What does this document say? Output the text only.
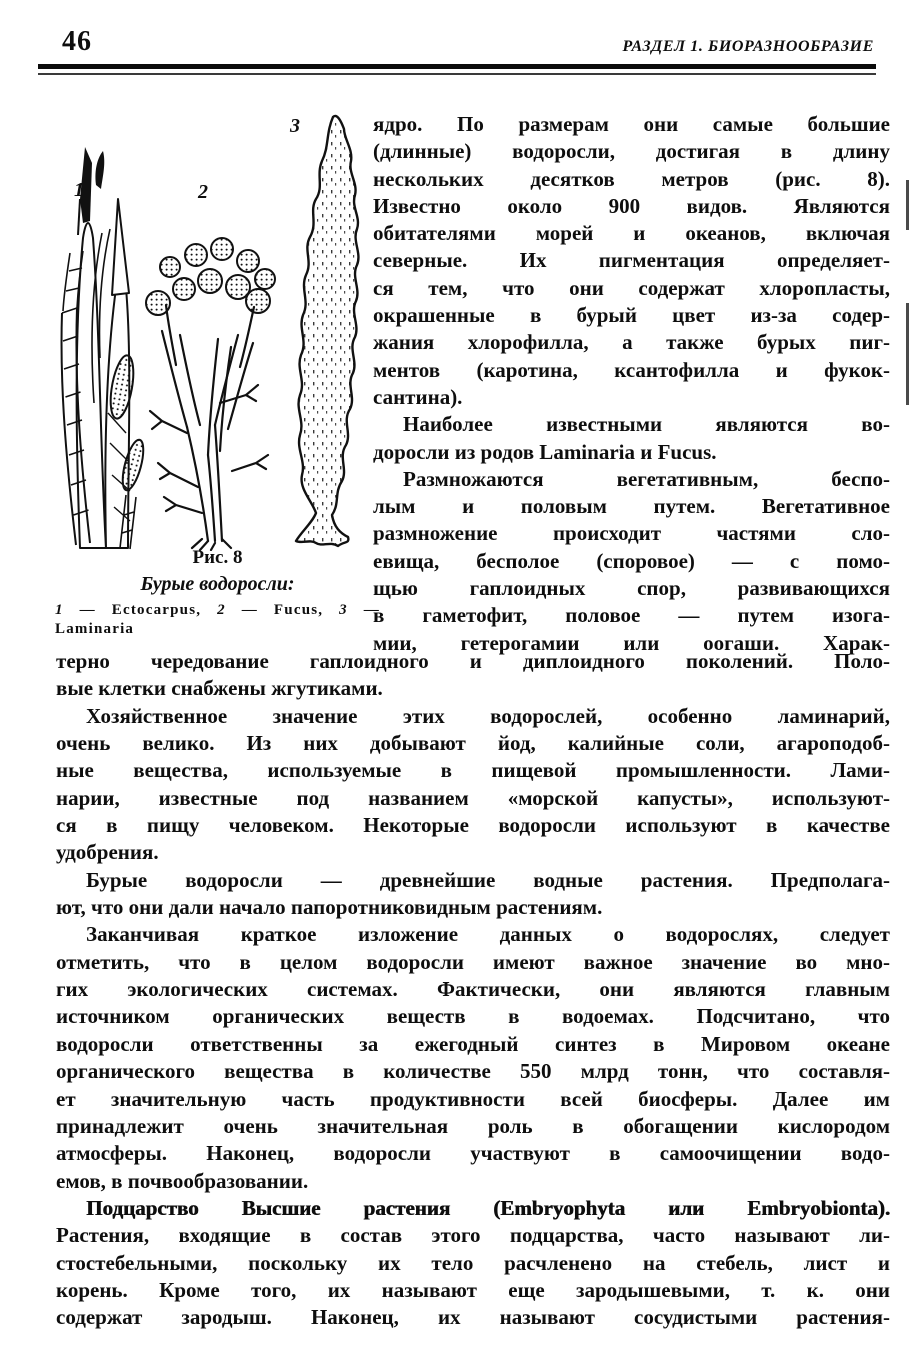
46	РАЗДЕЛ 1. БИОРАЗНООБРАЗИЕ
1	2
3
Рис. 8
Бурые водоросли:
1 — Ectocarpus, 2 — Fucus, 3 —
Laminaria
ядро. По размерам они самые большие
(длинные) водоросли, достигая в длину
нескольких десятков метров (рис. 8).
Известно около 900 видов. Являются
обитателями морей и океанов, включая
северные. Их пигментация определяет-
ся тем, что они содержат хлоропласты,
окрашенные в бурый цвет из-за содер-
жания хлорофилла, а также бурых пиг-
ментов (каротина, ксантофилла и фукок-
сантина).
Наиболее известными являются во-
доросли из родов Laminaria и Fucus.
Размножаются вегетативным, беспо-
лым и половым путем. Вегетативное
размножение происходит частями сло-
евища, бесполое (споровое) — с помо-
щью гаплоидных спор, развивающихся
в гаметофит, половое — путем изога-
мии, гетерогамии или оогаши. Харак-
терно чередование гаплоидного и диплоидного поколений. Поло-
вые клетки снабжены жгутиками.
Хозяйственное значение этих водорослей, особенно ламинарий,
очень велико. Из них добывают йод, калийные соли, агароподоб-
ные вещества, используемые в пищевой промышленности. Лами-
нарии, известные под названием «морской капусты», используют-
ся в пищу человеком. Некоторые водоросли используют в качестве
удобрения.
Бурые водоросли — древнейшие водные растения. Предполага-
ют, что они дали начало папоротниковидным растениям.
Заканчивая краткое изложение данных о водорослях, следует
отметить, что в целом водоросли имеют важное значение во мно-
гих экологических системах. Фактически, они являются главным
источником органических веществ в водоемах. Подсчитано, что
водоросли ответственны за ежегодный синтез в Мировом океане
органического вещества в количестве 550 млрд тонн, что составля-
ет значительную часть продуктивности всей биосферы. Далее им
принадлежит очень значительная роль в обогащении кислородом
атмосферы. Наконец, водоросли участвуют в самоочищении водо-
емов, в почвообразовании.
Подцарство Высшие растения (Embryophyta или Embryobionta).
Растения, входящие в состав этого подцарства, часто называют ли-
стостебельными, поскольку их тело расчленено на стебель, лист и
корень. Кроме того, их называют еще зародышевыми, т. к. они
содержат зародыш. Наконец, их называют сосудистыми растения-
